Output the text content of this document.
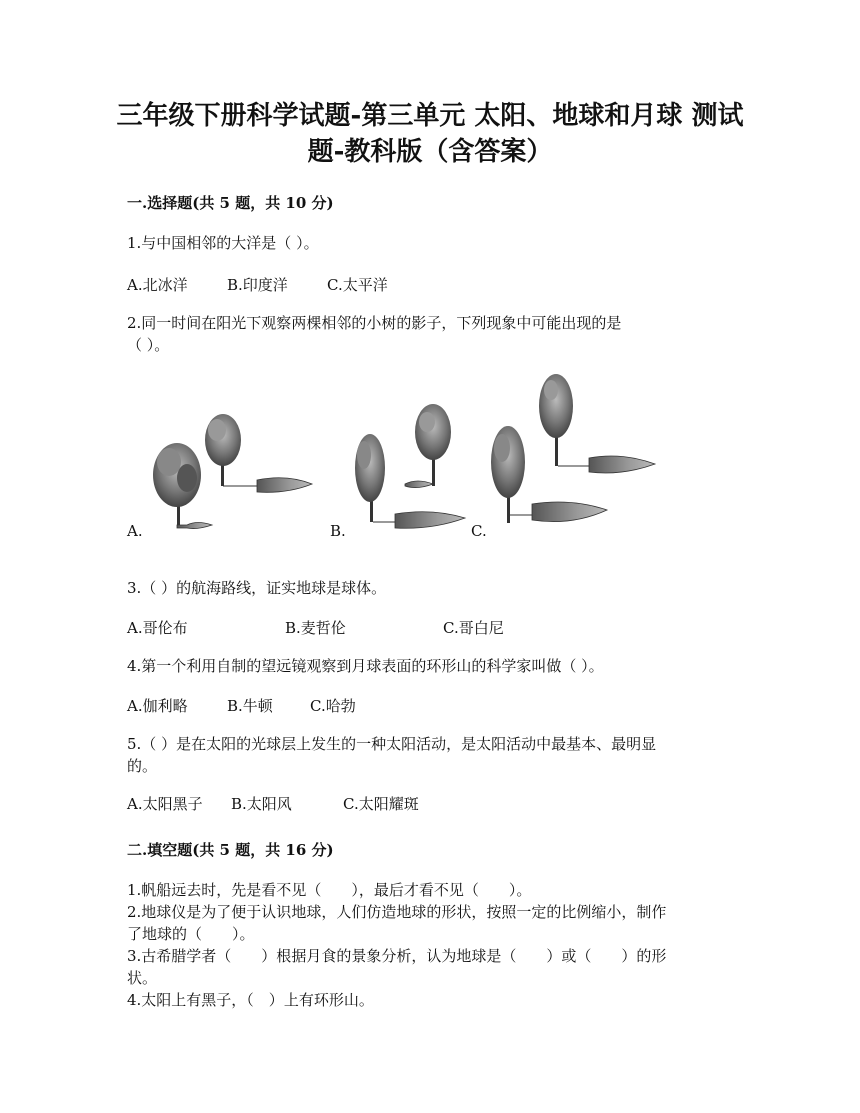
三年级下册科学试题-第三单元 太阳、地球和月球 测试
题-教科版（含答案）
一.选择题(共 5 题，共 10 分)
1.与中国相邻的大洋是（ ）。
A.北冰洋	B.印度洋	C.太平洋
2.同一时间在阳光下观察两棵相邻的小树的影子，下列现象中可能出现的是
（ ）。
A.	B.	C.
3.（ ）的航海路线，证实地球是球体。
A.哥伦布	B.麦哲伦	C.哥白尼
4.第一个利用自制的望远镜观察到月球表面的环形山的科学家叫做（ ）。
A.伽利略	B.牛顿 C.哈勃
5.（ ）是在太阳的光球层上发生的一种太阳活动，是太阳活动中最基本、最明显
的。
A.太阳黑子 B.太阳风	C.太阳耀斑
二.填空题(共 5 题，共 16 分)
1.帆船远去时，先是看不见（　　），最后才看不见（　　）。
2.地球仪是为了便于认识地球，人们仿造地球的形状，按照一定的比例缩小，制作
了地球的（　　）。
3.古希腊学者（　　）根据月食的景象分析，认为地球是（　　）或（　　）的形
状。
4.太阳上有黑子，（　）上有环形山。
